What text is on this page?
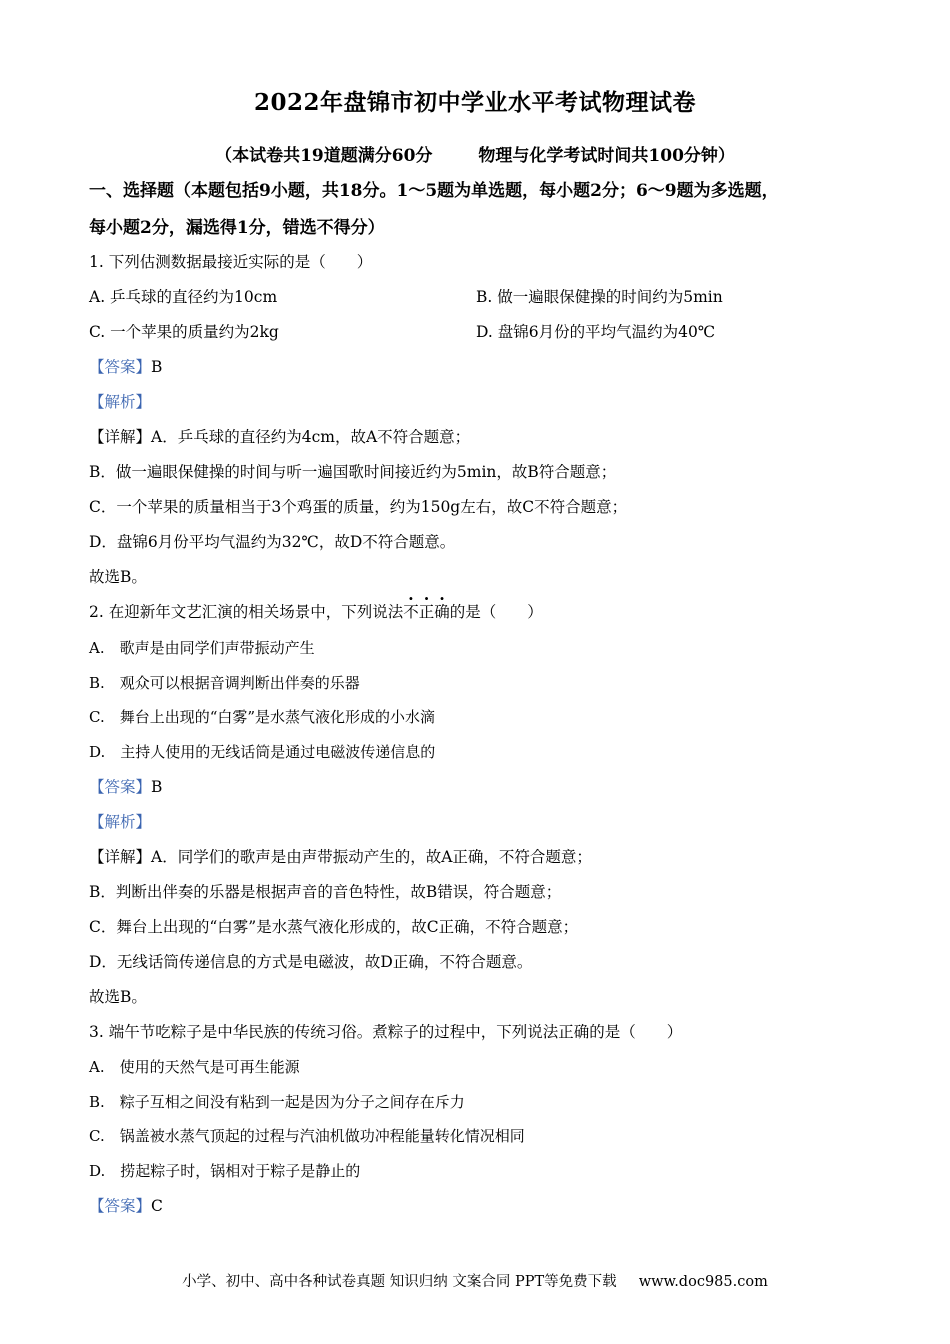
2022年盘锦市初中学业水平考试物理试卷
（本试卷共19道题满分60分	物理与化学考试时间共100分钟）
一、选择题（本题包括9小题，共18分。1～5题为单选题，每小题2分；6～9题为多选题，
每小题2分，漏选得1分，错选不得分）
1. 下列估测数据最接近实际的是（　　）
A. 乒乓球的直径约为10cm	B. 做一遍眼保健操的时间约为5min
C. 一个苹果的质量约为2kg	D. 盘锦6月份的平均气温约为40℃
【答案】B
【解析】
【详解】A．乒乓球的直径约为4cm，故A不符合题意；
B．做一遍眼保健操的时间与听一遍国歌时间接近约为5min，故B符合题意；
C．一个苹果的质量相当于3个鸡蛋的质量，约为150g左右，故C不符合题意；
D．盘锦6月份平均气温约为32℃，故D不符合题意。
故选B。
2. 在迎新年文艺汇演的相关场景中，下列说法不正确的是（　　）
A.　歌声是由同学们声带振动产生
B.　观众可以根据音调判断出伴奏的乐器
C.　舞台上出现的“白雾”是水蒸气液化形成的小水滴
D.　主持人使用的无线话筒是通过电磁波传递信息的
【答案】B
【解析】
【详解】A．同学们的歌声是由声带振动产生的，故A正确，不符合题意；
B．判断出伴奏的乐器是根据声音的音色特性，故B错误，符合题意；
C．舞台上出现的“白雾”是水蒸气液化形成的，故C正确，不符合题意；
D．无线话筒传递信息的方式是电磁波，故D正确，不符合题意。
故选B。
3. 端午节吃粽子是中华民族的传统习俗。煮粽子的过程中，下列说法正确的是（　　）
A.　使用的天然气是可再生能源
B.　粽子互相之间没有粘到一起是因为分子之间存在斥力
C.　锅盖被水蒸气顶起的过程与汽油机做功冲程能量转化情况相同
D.　捞起粽子时，锅相对于粽子是静止的
【答案】C
小学、初中、高中各种试卷真题 知识归纳 文案合同 PPT等免费下载 www.doc985.com
